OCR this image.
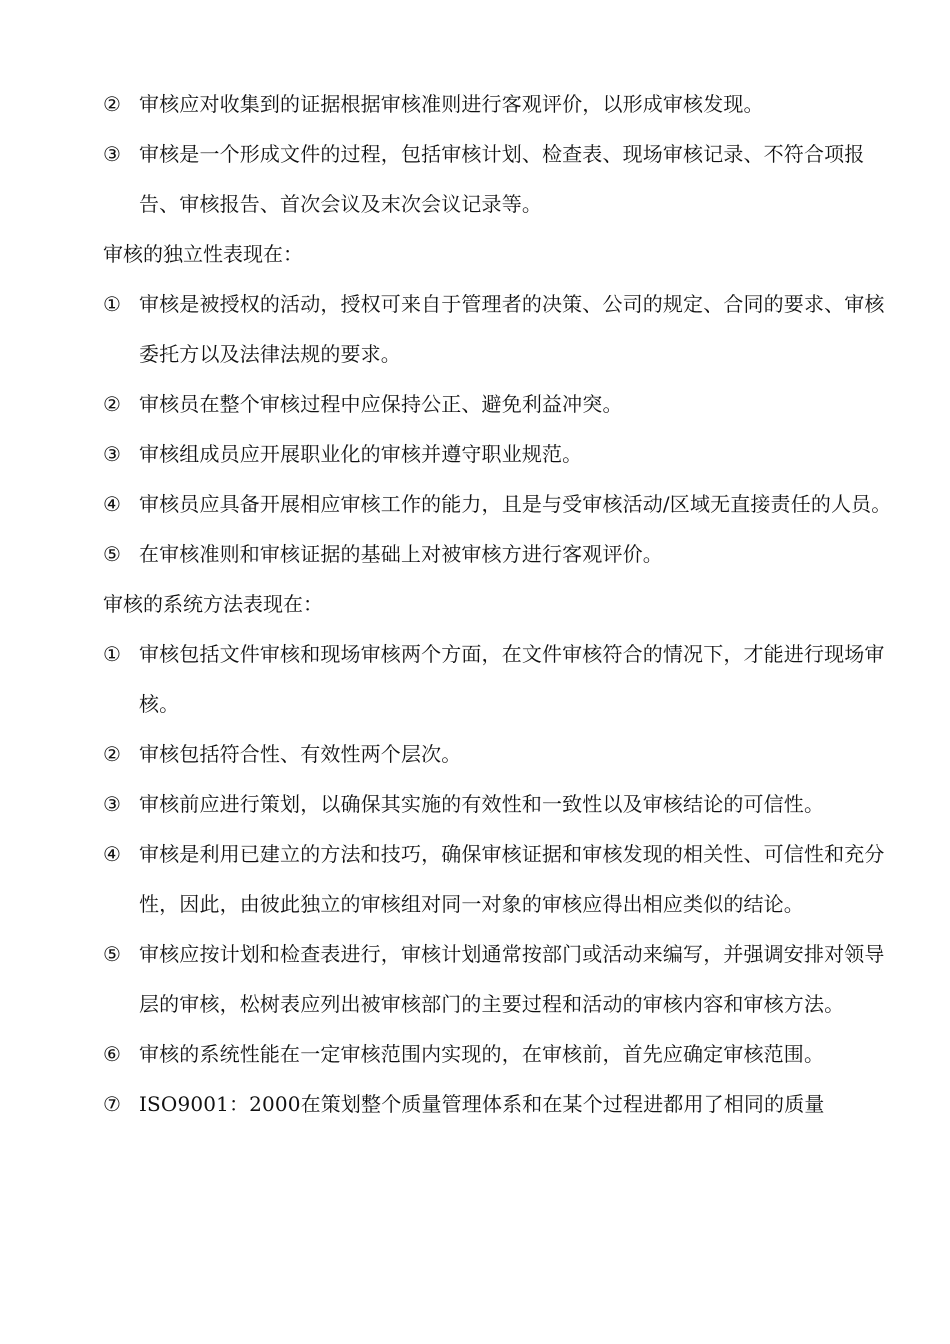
② 审核应对收集到的证据根据审核准则进行客观评价，以形成审核发现。
③ 审核是一个形成文件的过程，包括审核计划、检查表、现场审核记录、不符合项报告、审核报告、首次会议及末次会议记录等。
审核的独立性表现在：
① 审核是被授权的活动，授权可来自于管理者的决策、公司的规定、合同的要求、审核委托方以及法律法规的要求。
② 审核员在整个审核过程中应保持公正、避免利益冲突。
③ 审核组成员应开展职业化的审核并遵守职业规范。
④ 审核员应具备开展相应审核工作的能力，且是与受审核活动/区域无直接责任的人员。
⑤ 在审核准则和审核证据的基础上对被审核方进行客观评价。
审核的系统方法表现在：
① 审核包括文件审核和现场审核两个方面，在文件审核符合的情况下，才能进行现场审核。
② 审核包括符合性、有效性两个层次。
③ 审核前应进行策划，以确保其实施的有效性和一致性以及审核结论的可信性。
④ 审核是利用已建立的方法和技巧，确保审核证据和审核发现的相关性、可信性和充分性，因此，由彼此独立的审核组对同一对象的审核应得出相应类似的结论。
⑤ 审核应按计划和检查表进行，审核计划通常按部门或活动来编写，并强调安排对领导层的审核，松树表应列出被审核部门的主要过程和活动的审核内容和审核方法。
⑥ 审核的系统性能在一定审核范围内实现的，在审核前，首先应确定审核范围。
⑦ ISO9001：2000在策划整个质量管理体系和在某个过程进都用了相同的质量
